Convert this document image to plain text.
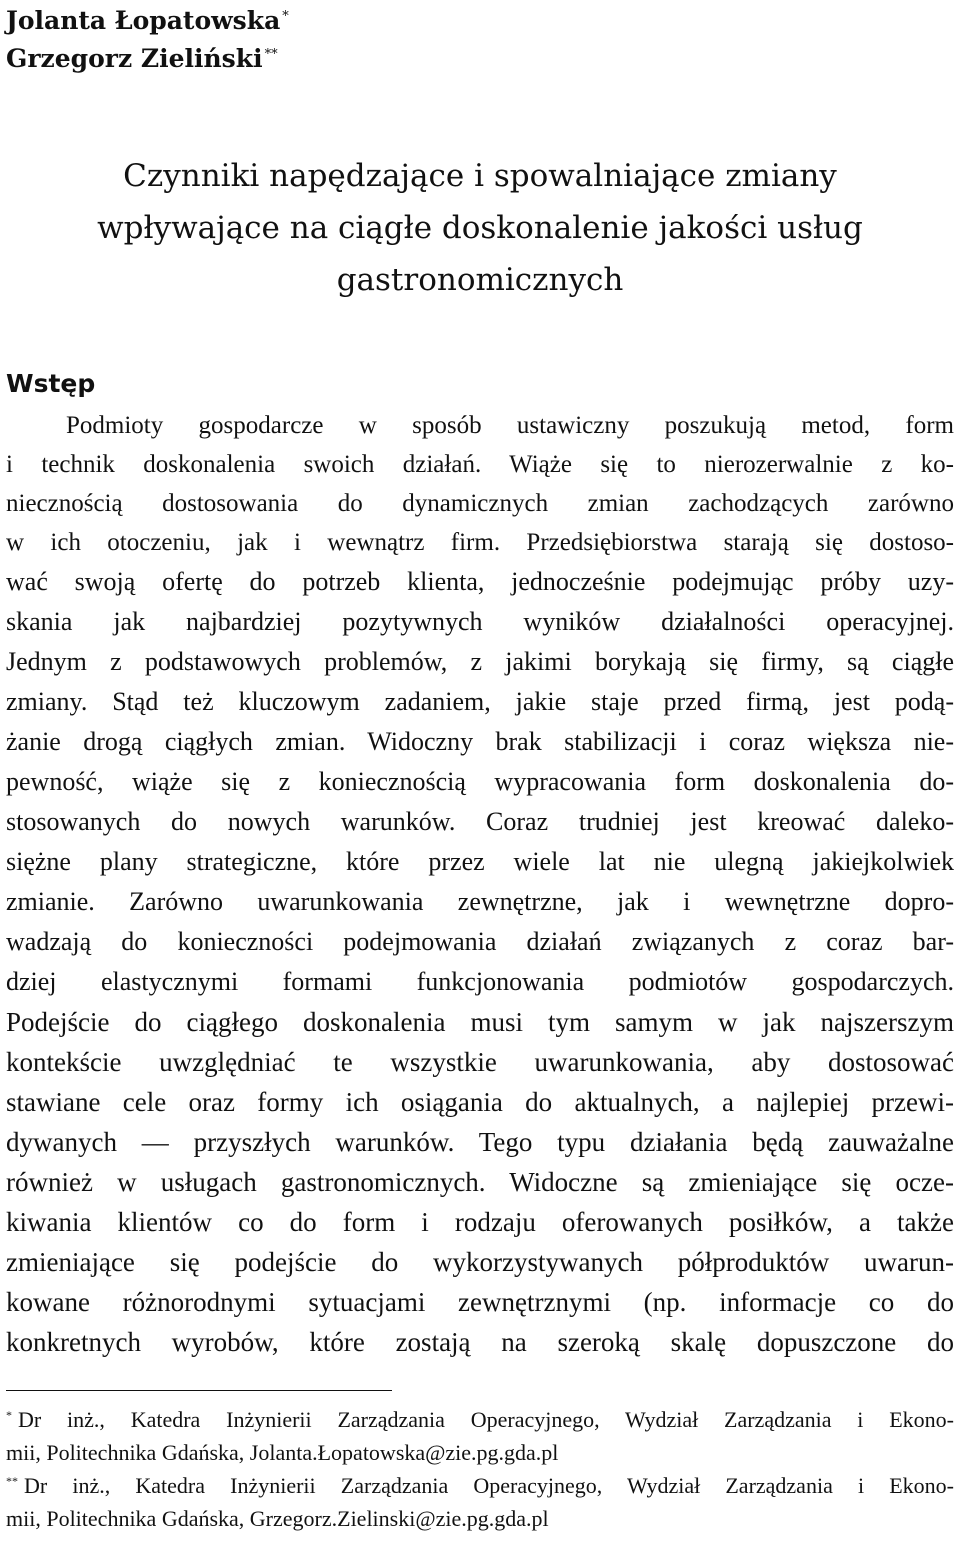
Jolanta Łopatowska *
Grzegorz Zieliński **
Czynniki napędzające i spowalniające zmiany
wpływające na ciągłe doskonalenie jakości usług
gastronomicznych
Wstęp
Podmioty gospodarcze w sposób ustawiczny poszukują metod, form
i technik doskonalenia swoich działań. Wiąże się to nierozerwalnie z ko-
niecznością dostosowania do dynamicznych zmian zachodzących zarówno
w ich otoczeniu, jak i wewnątrz firm. Przedsiębiorstwa starają się dostoso-
wać swoją ofertę do potrzeb klienta, jednocześnie podejmując próby uzy-
skania jak najbardziej pozytywnych wyników działalności operacyjnej.
Jednym z podstawowych problemów, z jakimi borykają się firmy, są ciągłe
zmiany. Stąd też kluczowym zadaniem, jakie staje przed firmą, jest podą-
żanie drogą ciągłych zmian. Widoczny brak stabilizacji i coraz większa nie-
pewność, wiąże się z koniecznością wypracowania form doskonalenia do-
stosowanych do nowych warunków. Coraz trudniej jest kreować daleko-
siężne plany strategiczne, które przez wiele lat nie ulegną jakiejkolwiek
zmianie. Zarówno uwarunkowania zewnętrzne, jak i wewnętrzne dopro-
wadzają do konieczności podejmowania działań związanych z coraz bar-
dziej elastycznymi formami funkcjonowania podmiotów gospodarczych.
Podejście do ciągłego doskonalenia musi tym samym w jak najszerszym
kontekście uwzględniać te wszystkie uwarunkowania, aby dostosować
stawiane cele oraz formy ich osiągania do aktualnych, a najlepiej przewi-
dywanych — przyszłych warunków. Tego typu działania będą zauważalne
również w usługach gastronomicznych. Widoczne są zmieniające się ocze-
kiwania klientów co do form i rodzaju oferowanych posiłków, a także
zmieniające się podejście do wykorzystywanych półproduktów uwarun-
kowane różnorodnymi sytuacjami zewnętrznymi (np. informacje co do
konkretnych wyrobów, które zostają na szeroką skalę dopuszczone do
* Dr inż., Katedra Inżynierii Zarządzania Operacyjnego, Wydział Zarządzania i Ekono-
mii, Politechnika Gdańska, Jolanta.Łopatowska@zie.pg.gda.pl
** Dr inż., Katedra Inżynierii Zarządzania Operacyjnego, Wydział Zarządzania i Ekono-
mii, Politechnika Gdańska, Grzegorz.Zielinski@zie.pg.gda.pl
